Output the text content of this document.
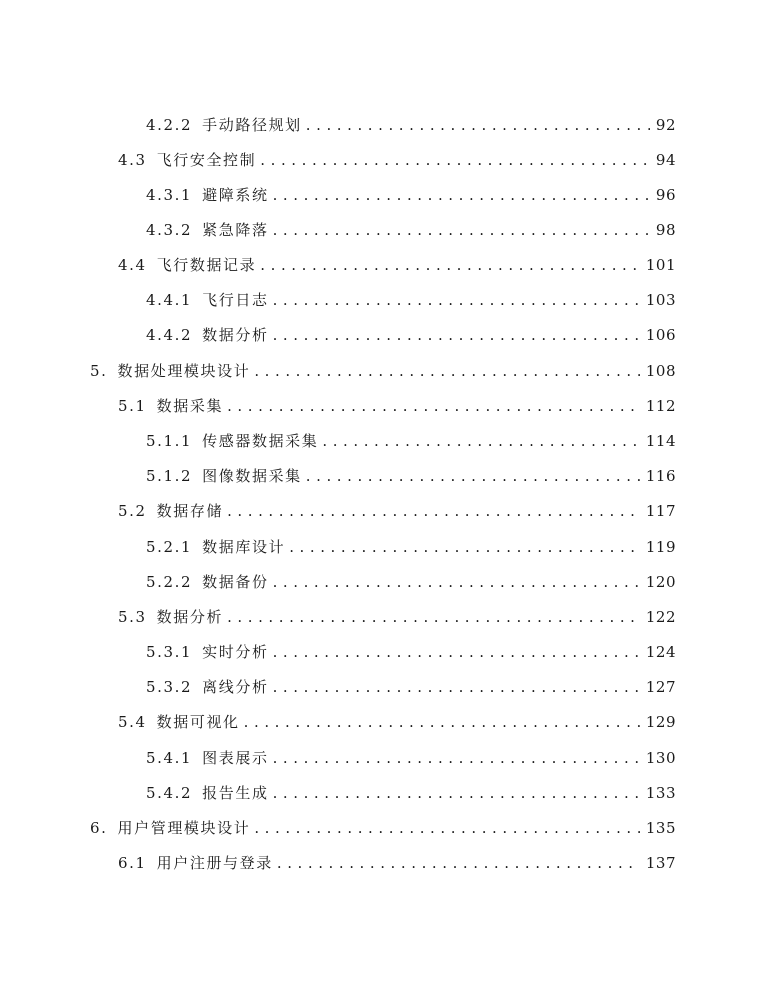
4.2.2 手动路径规划 . . .	92
4.3 飞行安全控制 . . .	94
4.3.1 避障系统 . . .	96
4.3.2 紧急降落 . . .	98
4.4 飞行数据记录 . . .	101
4.4.1 飞行日志 . . .	103
4.4.2 数据分析 . . .	106
5. 数据处理模块设计 . . .	108
5.1 数据采集 . . .	112
5.1.1 传感器数据采集 . . .	114
5.1.2 图像数据采集 . . .	116
5.2 数据存储 . . .	117
5.2.1 数据库设计 . . .	119
5.2.2 数据备份 . . .	120
5.3 数据分析 . . .	122
5.3.1 实时分析 . . .	124
5.3.2 离线分析 . . .	127
5.4 数据可视化 . . .	129
5.4.1 图表展示 . . .	130
5.4.2 报告生成 . . .	133
6. 用户管理模块设计 . . .	135
6.1 用户注册与登录 . . .	137
